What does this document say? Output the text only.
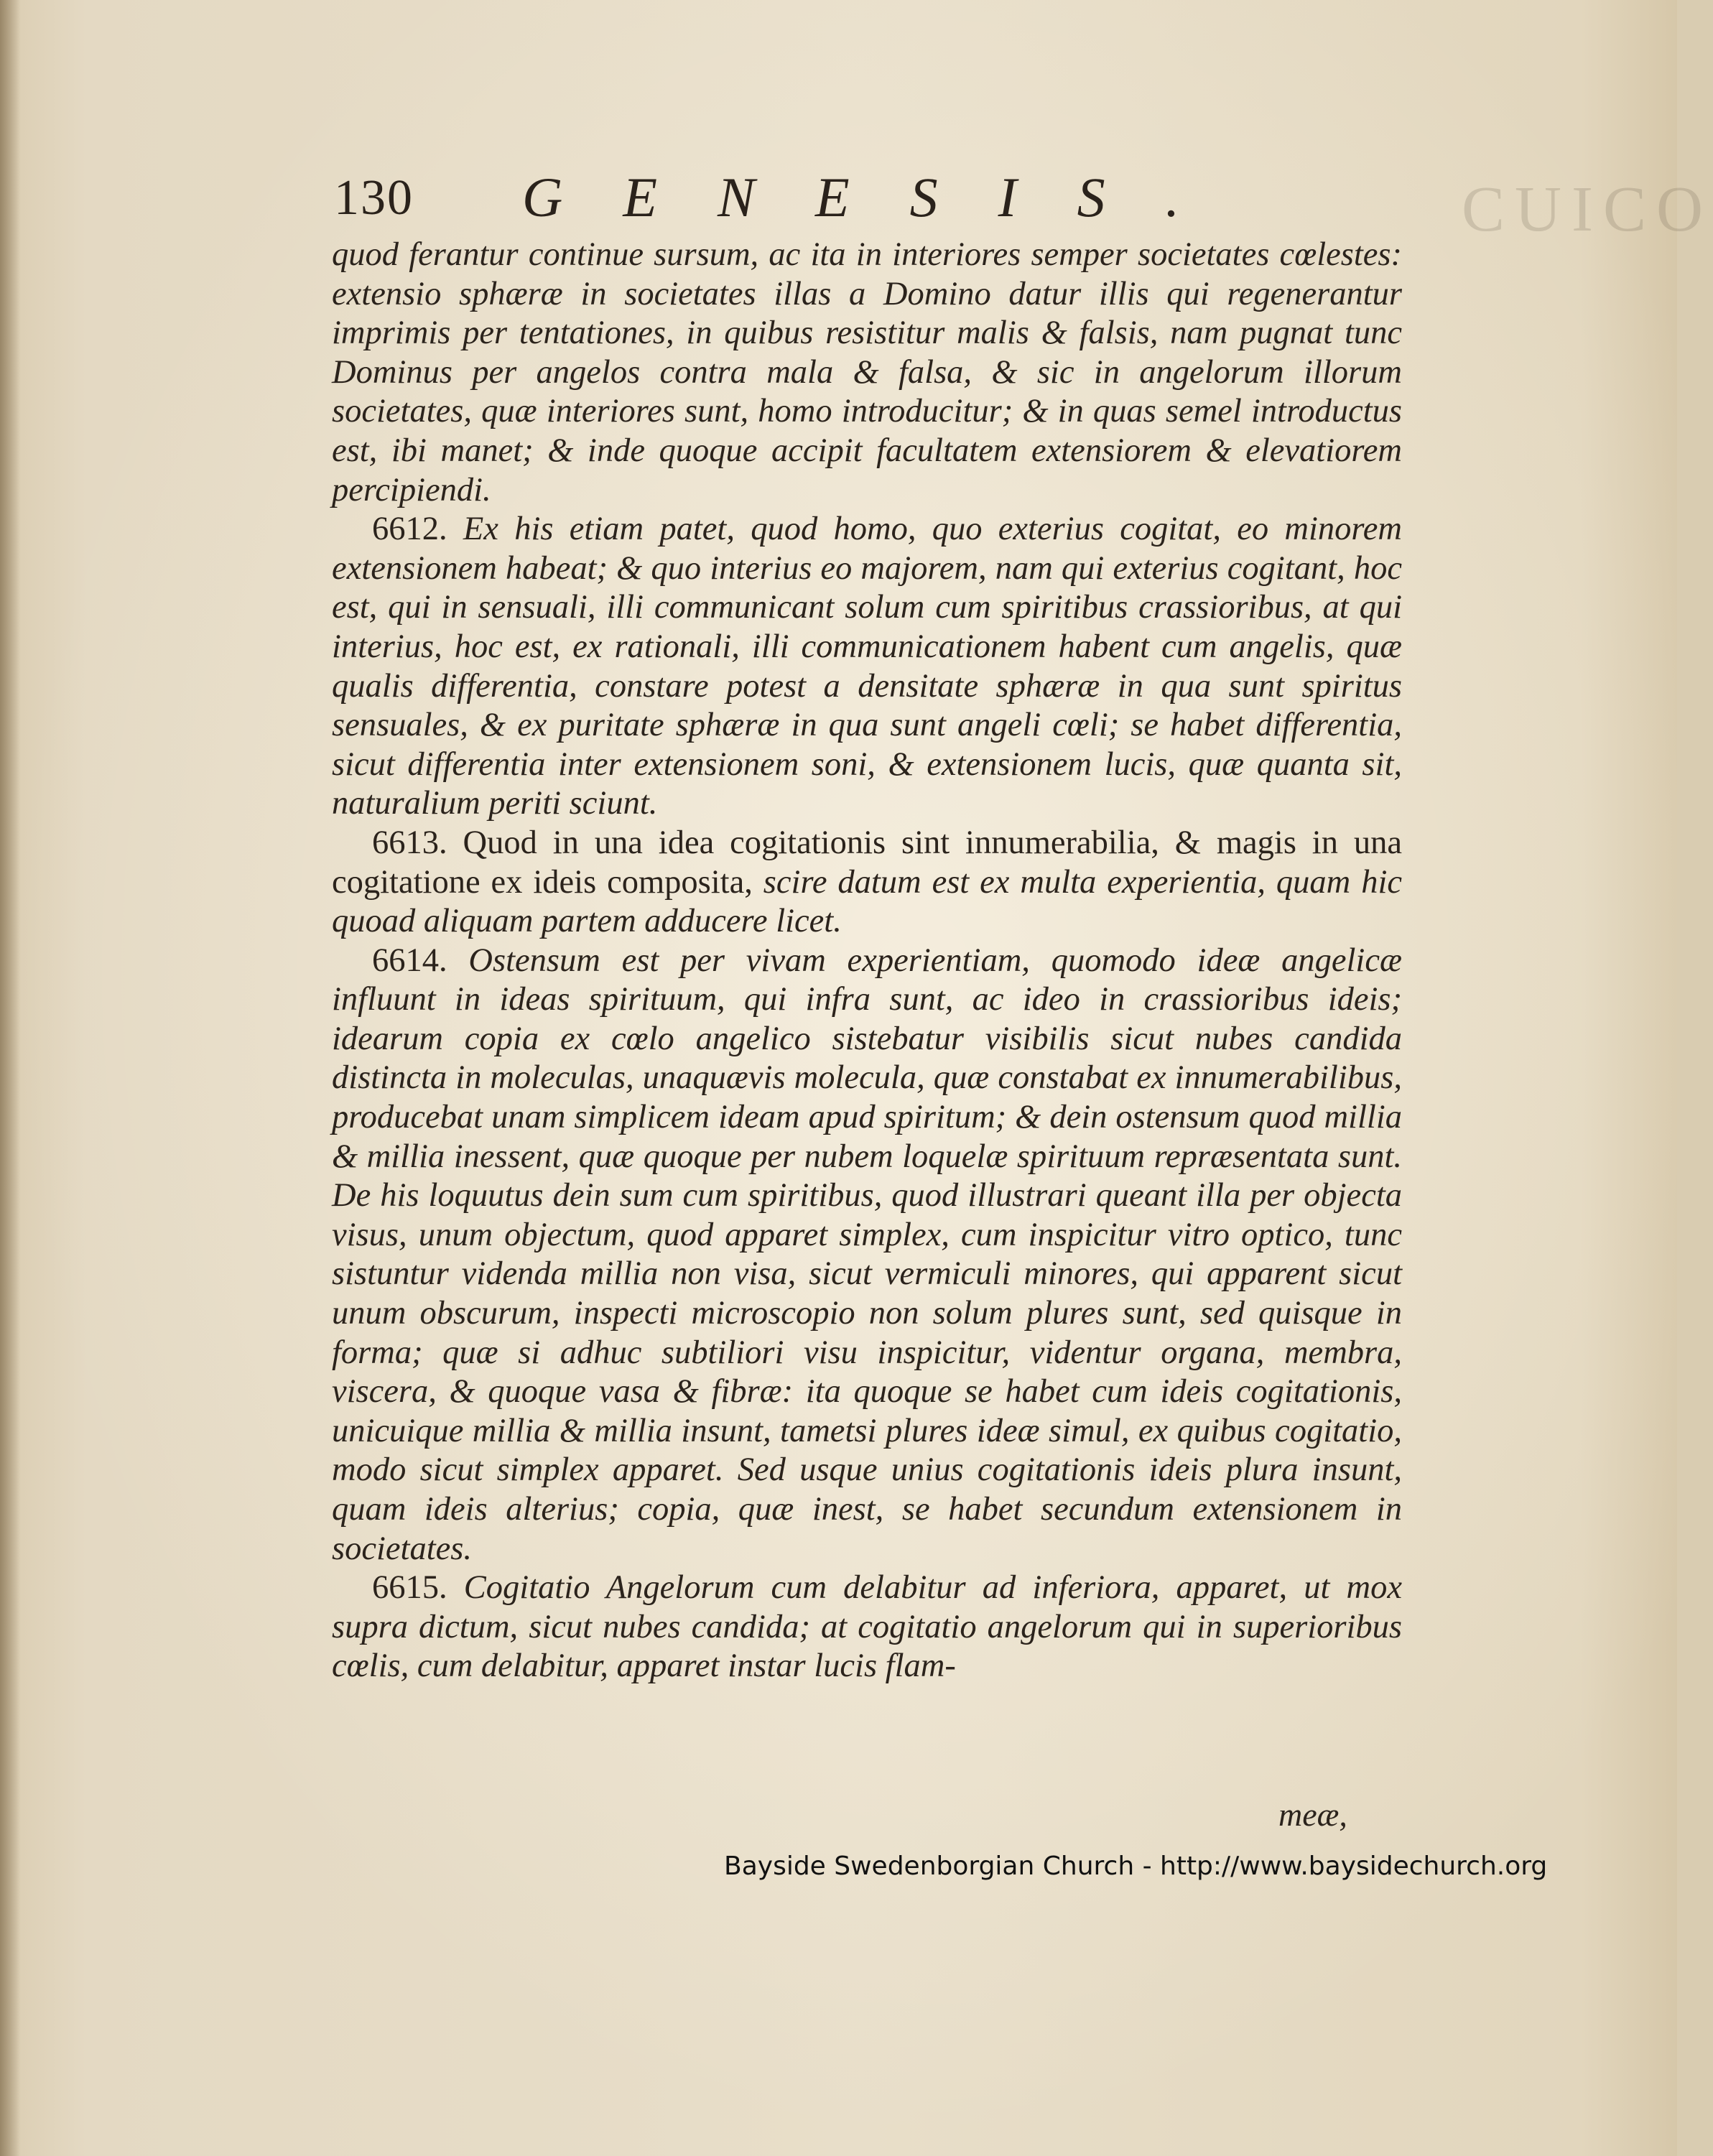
CUICO
130 GENESIS.

quod ferantur continue sursum, ac ita in interiores semper societates cœlestes: extensio sphæræ in societates illas a Domino datur illis qui regenerantur imprimis per tentationes, in quibus resistitur malis & falsis, nam pugnat tunc Dominus per angelos contra mala & falsa, & sic in angelorum illorum societates, quæ interiores sunt, homo introducitur; & in quas semel introductus est, ibi manet; & inde quoque accipit facultatem extensiorem & elevatiorem percipiendi.

6612. Ex his etiam patet, quod homo, quo exterius cogitat, eo minorem extensionem habeat; & quo interius eo majorem, nam qui exterius cogitant, hoc est, qui in sensuali, illi communicant solum cum spiritibus crassioribus, at qui interius, hoc est, ex rationali, illi communicationem habent cum angelis, quæ qualis differentia, constare potest a densitate sphæræ in qua sunt spiritus sensuales, & ex puritate sphæræ in qua sunt angeli cœli; se habet differentia, sicut differentia inter extensionem soni, & extensionem lucis, quæ quanta sit, naturalium periti sciunt.

6613. Quod in una idea cogitationis sint innumerabilia, & magis in una cogitatione ex ideis composita, scire datum est ex multa experientia, quam hic quoad aliquam partem adducere licet.

6614. Ostensum est per vivam experientiam, quomodo ideæ angelicæ influunt in ideas spirituum, qui infra sunt, ac ideo in crassioribus ideis; idearum copia ex cœlo angelico sistebatur visibilis sicut nubes candida distincta in moleculas, unaquævis molecula, quæ constabat ex innumerabilibus, producebat unam simplicem ideam apud spiritum; & dein ostensum quod millia & millia inessent, quæ quoque per nubem loquelæ spirituum repræsentata sunt. De his loquutus dein sum cum spiritibus, quod illustrari queant illa per objecta visus, unum objectum, quod apparet simplex, cum inspicitur vitro optico, tunc sistuntur videnda millia non visa, sicut vermiculi minores, qui apparent sicut unum obscurum, inspecti microscopio non solum plures sunt, sed quisque in forma; quæ si adhuc subtiliori visu inspicitur, videntur organa, membra, viscera, & quoque vasa & fibræ: ita quoque se habet cum ideis cogitationis, unicuique millia & millia insunt, tametsi plures ideæ simul, ex quibus cogitatio, modo sicut simplex apparet. Sed usque unius cogitationis ideis plura insunt, quam ideis alterius; copia, quæ inest, se habet secundum extensionem in societates.

6615. Cogitatio Angelorum cum delabitur ad inferiora, apparet, ut mox supra dictum, sicut nubes candida; at cogitatio angelorum qui in superioribus cœlis, cum delabitur, apparet instar lucis flam-

meæ,
Bayside Swedenborgian Church - http://www.baysidechurch.org
